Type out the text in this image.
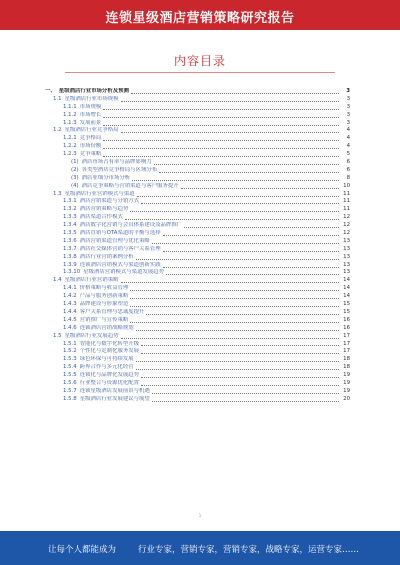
连锁星级酒店营销策略研究报告
内容目录
一、 星级酒店行业市场分析及预测	3
1.1 星级酒店行业市场规模	3
1.1.1 市场规模	3
1.1.2 市场增长	3
1.1.3 发展前景	3
1.2 星级酒店行业竞争格局	4
1.2.1 竞争格局	4
1.2.2 市场份额	4
1.2.3 竞争策略	5
(1) 酒店市场占有率与品牌影响力	6
(2) 各类型酒店竞争格局与区域分布	6
(3) 酒店业细分市场分析	8
(4) 酒店竞争策略与营销渠道与客户服务提升	10
1.3 星级酒店行业营销模式与渠道	11
1.3.1 酒店营销渠道与分销方式	11
1.3.2 酒店营销策略与趋势	11
1.3.3 酒店渠道合作模式	12
1.3.4 酒店数字化营销与会员体系建设及品牌推广	12
1.3.5 酒店直销与OTA渠道的平衡与选择	12
1.3.6 酒店营销渠道管理与优化策略	13
1.3.7 酒店社交媒体营销与客户关系管理	13
1.3.8 酒店行业营销案例分析	13
1.3.9 连锁酒店营销模式与渠道创新实践	13
1.3.10 星级酒店营销模式与渠道发展趋势	13
1.4 星级酒店行业营销策略	14
1.4.1 价格策略与收益管理	14
1.4.2 产品与服务创新策略	14
1.4.3 品牌建设与形象塑造	15
1.4.4 客户关系管理与忠诚度提升	15
1.4.5 营销推广与宣传策略	16
1.4.6 连锁酒店营销战略规划	16
1.5 星级酒店行业发展趋势	17
1.5.1 智能化与数字化转型升级	17
1.5.2 个性化与定制化服务发展	17
1.5.3 绿色环保与可持续发展	18
1.5.4 跨界合作与多元化经营	18
1.5.5 连锁化与品牌化发展趋势	19
1.5.6 行业整合与资源优化配置	19
1.5.7 连锁星级酒店发展前景与机遇	19
1.5.8 星级酒店行业发展建议与展望	20
1
让每个人都能成为	行业专家，营销专家，营销专家，战略专家，运营专家……
